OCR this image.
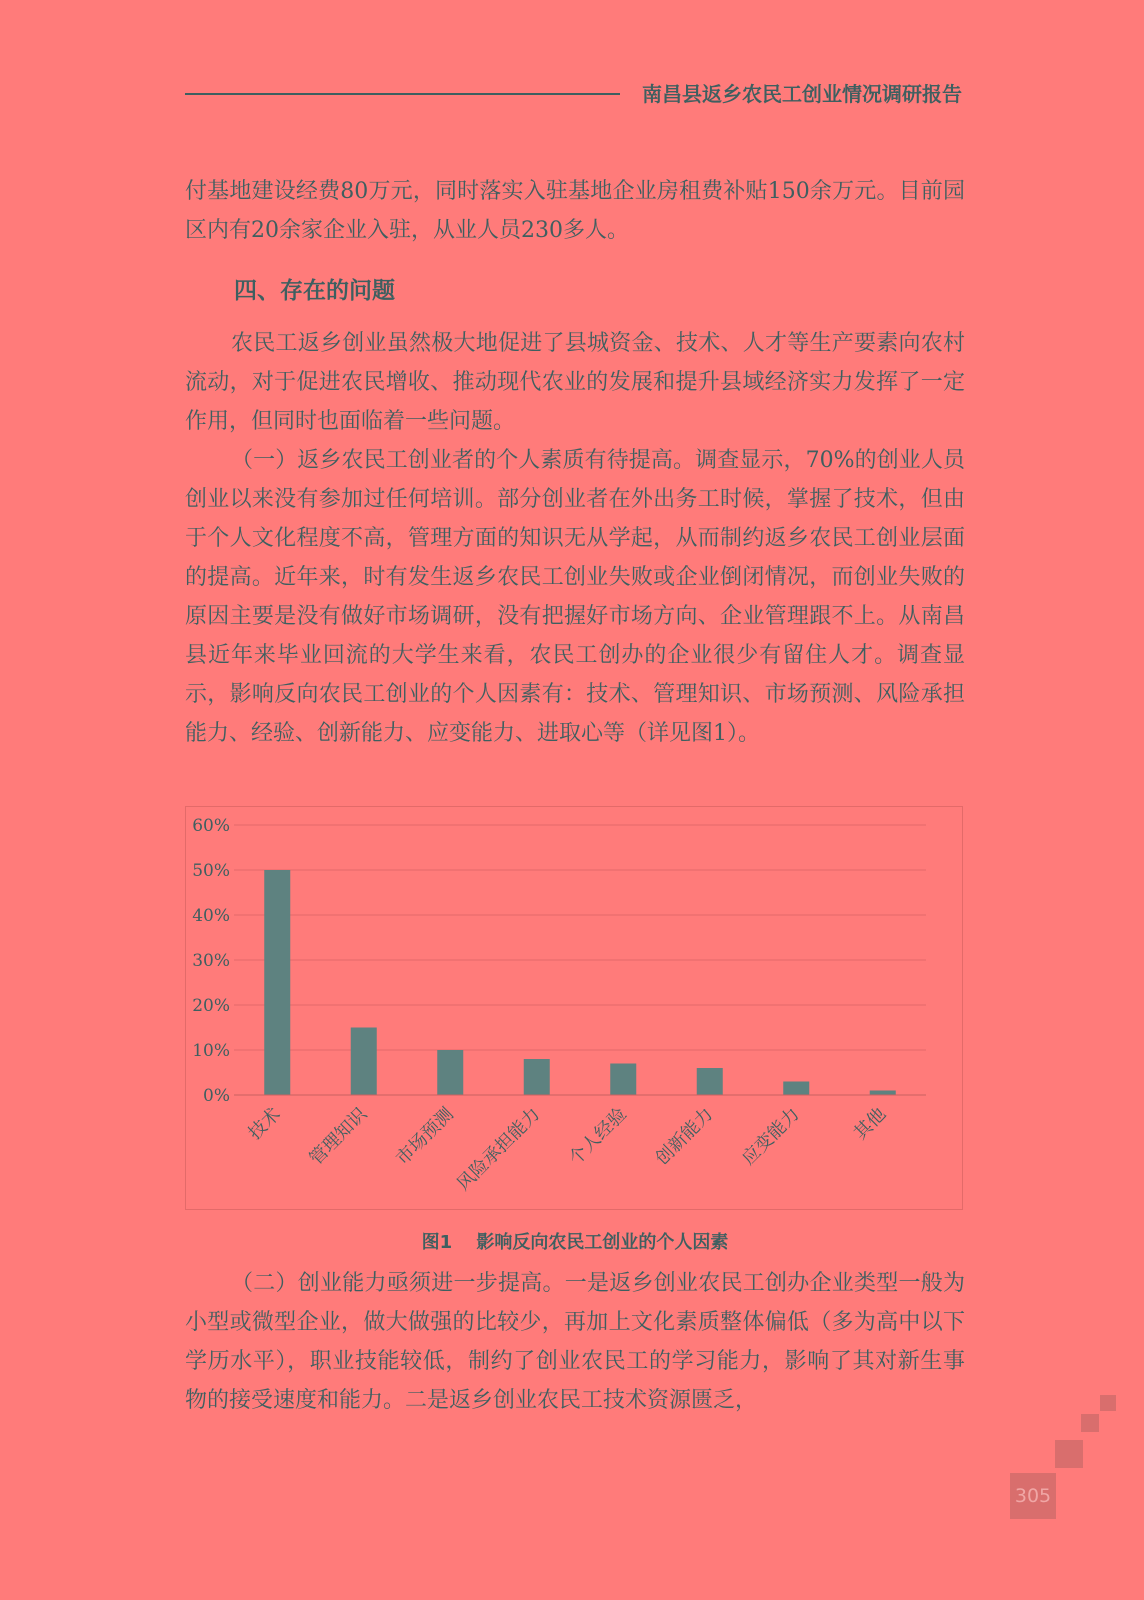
南昌县返乡农民工创业情况调研报告

付基地建设经费80万元，同时落实入驻基地企业房租费补贴150余万元。目前园区内有20余家企业入驻，从业人员230多人。

四、存在的问题

农民工返乡创业虽然极大地促进了县城资金、技术、人才等生产要素向农村流动，对于促进农民增收、推动现代农业的发展和提升县域经济实力发挥了一定作用，但同时也面临着一些问题。

（一）返乡农民工创业者的个人素质有待提高。调查显示，70%的创业人员创业以来没有参加过任何培训。部分创业者在外出务工时候，掌握了技术，但由于个人文化程度不高，管理方面的知识无从学起，从而制约返乡农民工创业层面的提高。近年来，时有发生返乡农民工创业失败或企业倒闭情况，而创业失败的原因主要是没有做好市场调研，没有把握好市场方向、企业管理跟不上。从南昌县近年来毕业回流的大学生来看，农民工创办的企业很少有留住人才。调查显示，影响反向农民工创业的个人因素有：技术、管理知识、市场预测、风险承担能力、经验、创新能力、应变能力、进取心等（详见图1）。

0%
10%
20%
30%
40%
50%
60%
技术 管理知识 市场预测
风险承担能力 个人经验 创新能力 应变能力	其他
图1 影响反向农民工创业的个人因素

（二）创业能力亟须进一步提高。一是返乡创业农民工创办企业类型一般为小型或微型企业，做大做强的比较少，再加上文化素质整体偏低（多为高中以下学历水平），职业技能较低，制约了创业农民工的学习能力，影响了其对新生事物的接受速度和能力。二是返乡创业农民工技术资源匮乏，

305
